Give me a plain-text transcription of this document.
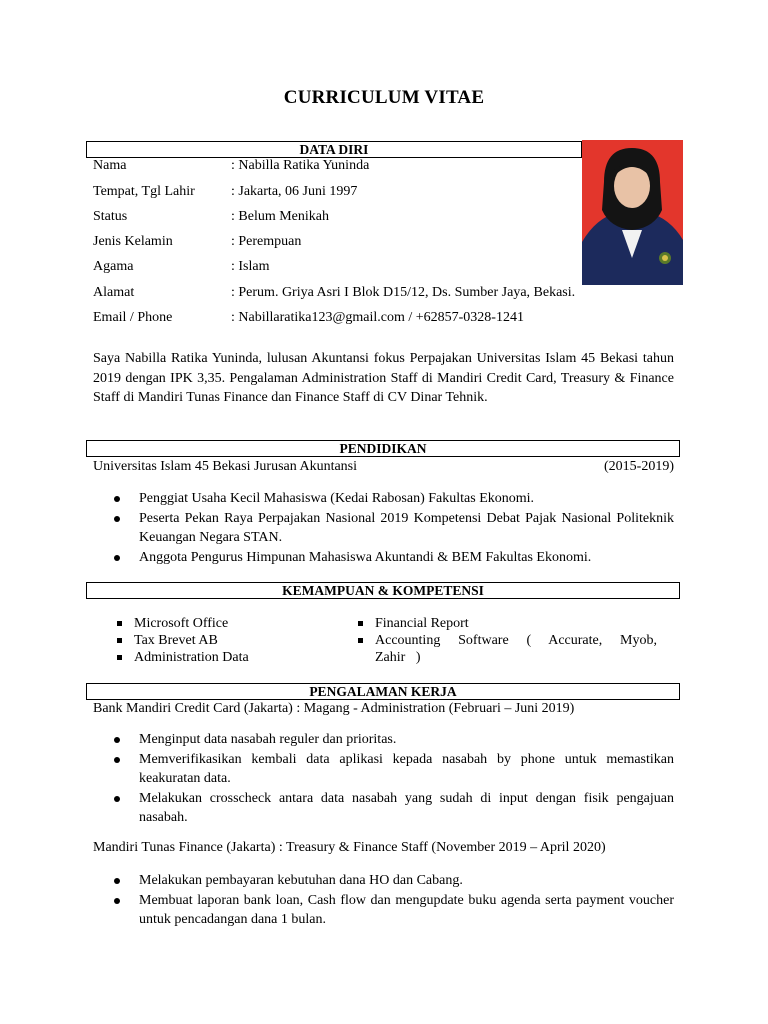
CURRICULUM VITAE
DATA DIRI
Nama	: Nabilla Ratika Yuninda
Tempat, Tgl Lahir	: Jakarta, 06 Juni 1997
Status	: Belum Menikah
Jenis Kelamin	: Perempuan
Agama	: Islam
Alamat	: Perum. Griya Asri I Blok D15/12, Ds. Sumber Jaya, Bekasi.
Email / Phone	: Nabillaratika123@gmail.com / +62857-0328-1241
Saya Nabilla Ratika Yuninda, lulusan Akuntansi fokus Perpajakan Universitas Islam 45 Bekasi tahun 2019 dengan IPK 3,35. Pengalaman Administration Staff di Mandiri Credit Card, Treasury & Finance Staff di Mandiri Tunas Finance dan Finance Staff di CV Dinar Tehnik.
PENDIDIKAN
Universitas Islam 45 Bekasi Jurusan Akuntansi	(2015-2019)
Penggiat Usaha Kecil Mahasiswa (Kedai Rabosan) Fakultas Ekonomi.
Peserta Pekan Raya Perpajakan Nasional 2019 Kompetensi Debat Pajak Nasional Politeknik Keuangan Negara STAN.
Anggota Pengurus Himpunan Mahasiswa Akuntandi & BEM Fakultas Ekonomi.
KEMAMPUAN & KOMPETENSI
Microsoft Office
Tax Brevet AB
Administration Data
Financial Report
Accounting Software ( Accurate, Myob, Zahir )
PENGALAMAN KERJA
Bank Mandiri Credit Card (Jakarta) : Magang - Administration (Februari – Juni 2019)
Menginput data nasabah reguler dan prioritas.
Memverifikasikan kembali data aplikasi kepada nasabah by phone untuk memastikan keakuratan data.
Melakukan crosscheck antara data nasabah yang sudah di input dengan fisik pengajuan nasabah.
Mandiri Tunas Finance (Jakarta) : Treasury & Finance Staff (November 2019 – April 2020)
Melakukan pembayaran kebutuhan dana HO dan Cabang.
Membuat laporan bank loan, Cash flow dan mengupdate buku agenda serta payment voucher untuk pencadangan dana 1 bulan.
